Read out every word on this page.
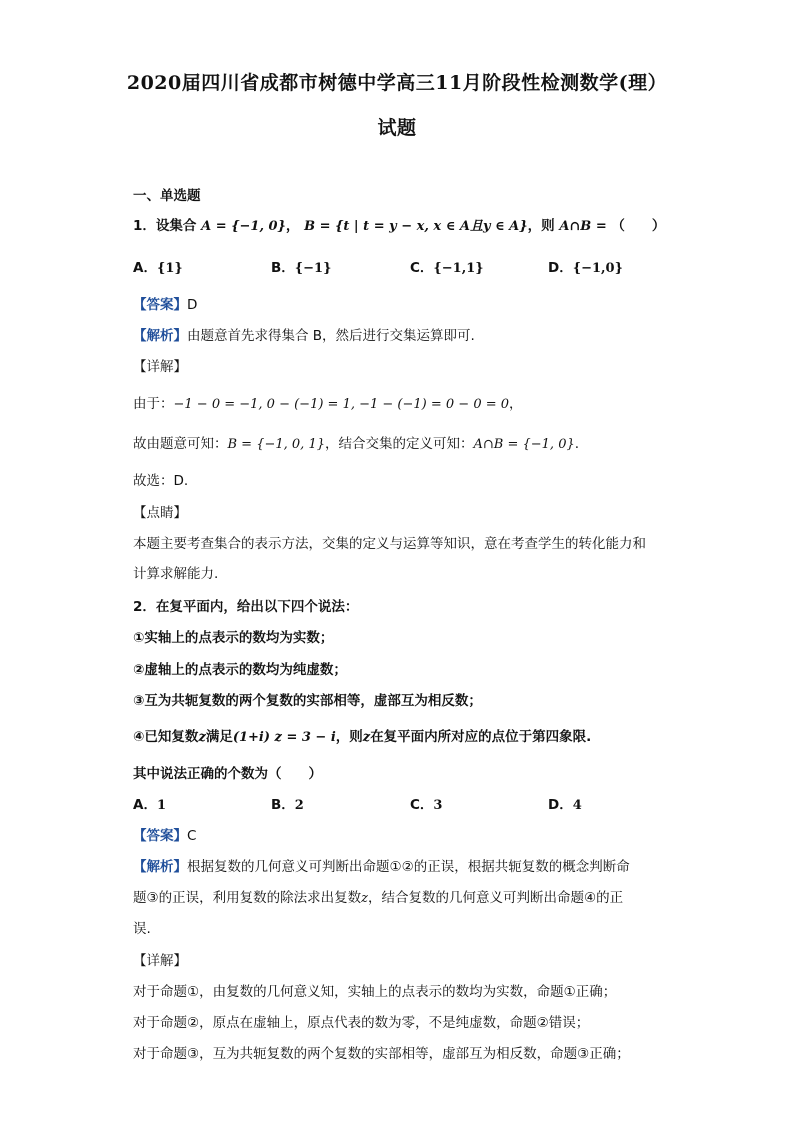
2020届四川省成都市树德中学高三11月阶段性检测数学(理）
试题
一、单选题
1．设集合 A = {−1, 0}， B = {t | t = y − x, x ∈ A且y ∈ A}，则 A∩B = （　　）
A．{1}	B．{−1}	C．{−1,1}	D．{−1,0}
【答案】D
【解析】由题意首先求得集合 B，然后进行交集运算即可.
【详解】
由于：−1 − 0 = −1, 0 − (−1) = 1, −1 − (−1) = 0 − 0 = 0，
故由题意可知：B = {−1, 0, 1}，结合交集的定义可知：A∩B = {−1, 0}.
故选：D.
【点睛】
本题主要考查集合的表示方法，交集的定义与运算等知识，意在考查学生的转化能力和
计算求解能力.
2．在复平面内，给出以下四个说法：
①实轴上的点表示的数均为实数；
②虚轴上的点表示的数均为纯虚数；
③互为共轭复数的两个复数的实部相等，虚部互为相反数；
④已知复数z满足(1+i) z = 3 − i，则z在复平面内所对应的点位于第四象限.
其中说法正确的个数为（　　）
A．1	B．2	C．3	D．4
【答案】C
【解析】根据复数的几何意义可判断出命题①②的正误，根据共轭复数的概念判断命
题③的正误，利用复数的除法求出复数z，结合复数的几何意义可判断出命题④的正
误.
【详解】
对于命题①，由复数的几何意义知，实轴上的点表示的数均为实数，命题①正确；
对于命题②，原点在虚轴上，原点代表的数为零，不是纯虚数，命题②错误；
对于命题③，互为共轭复数的两个复数的实部相等，虚部互为相反数，命题③正确；
